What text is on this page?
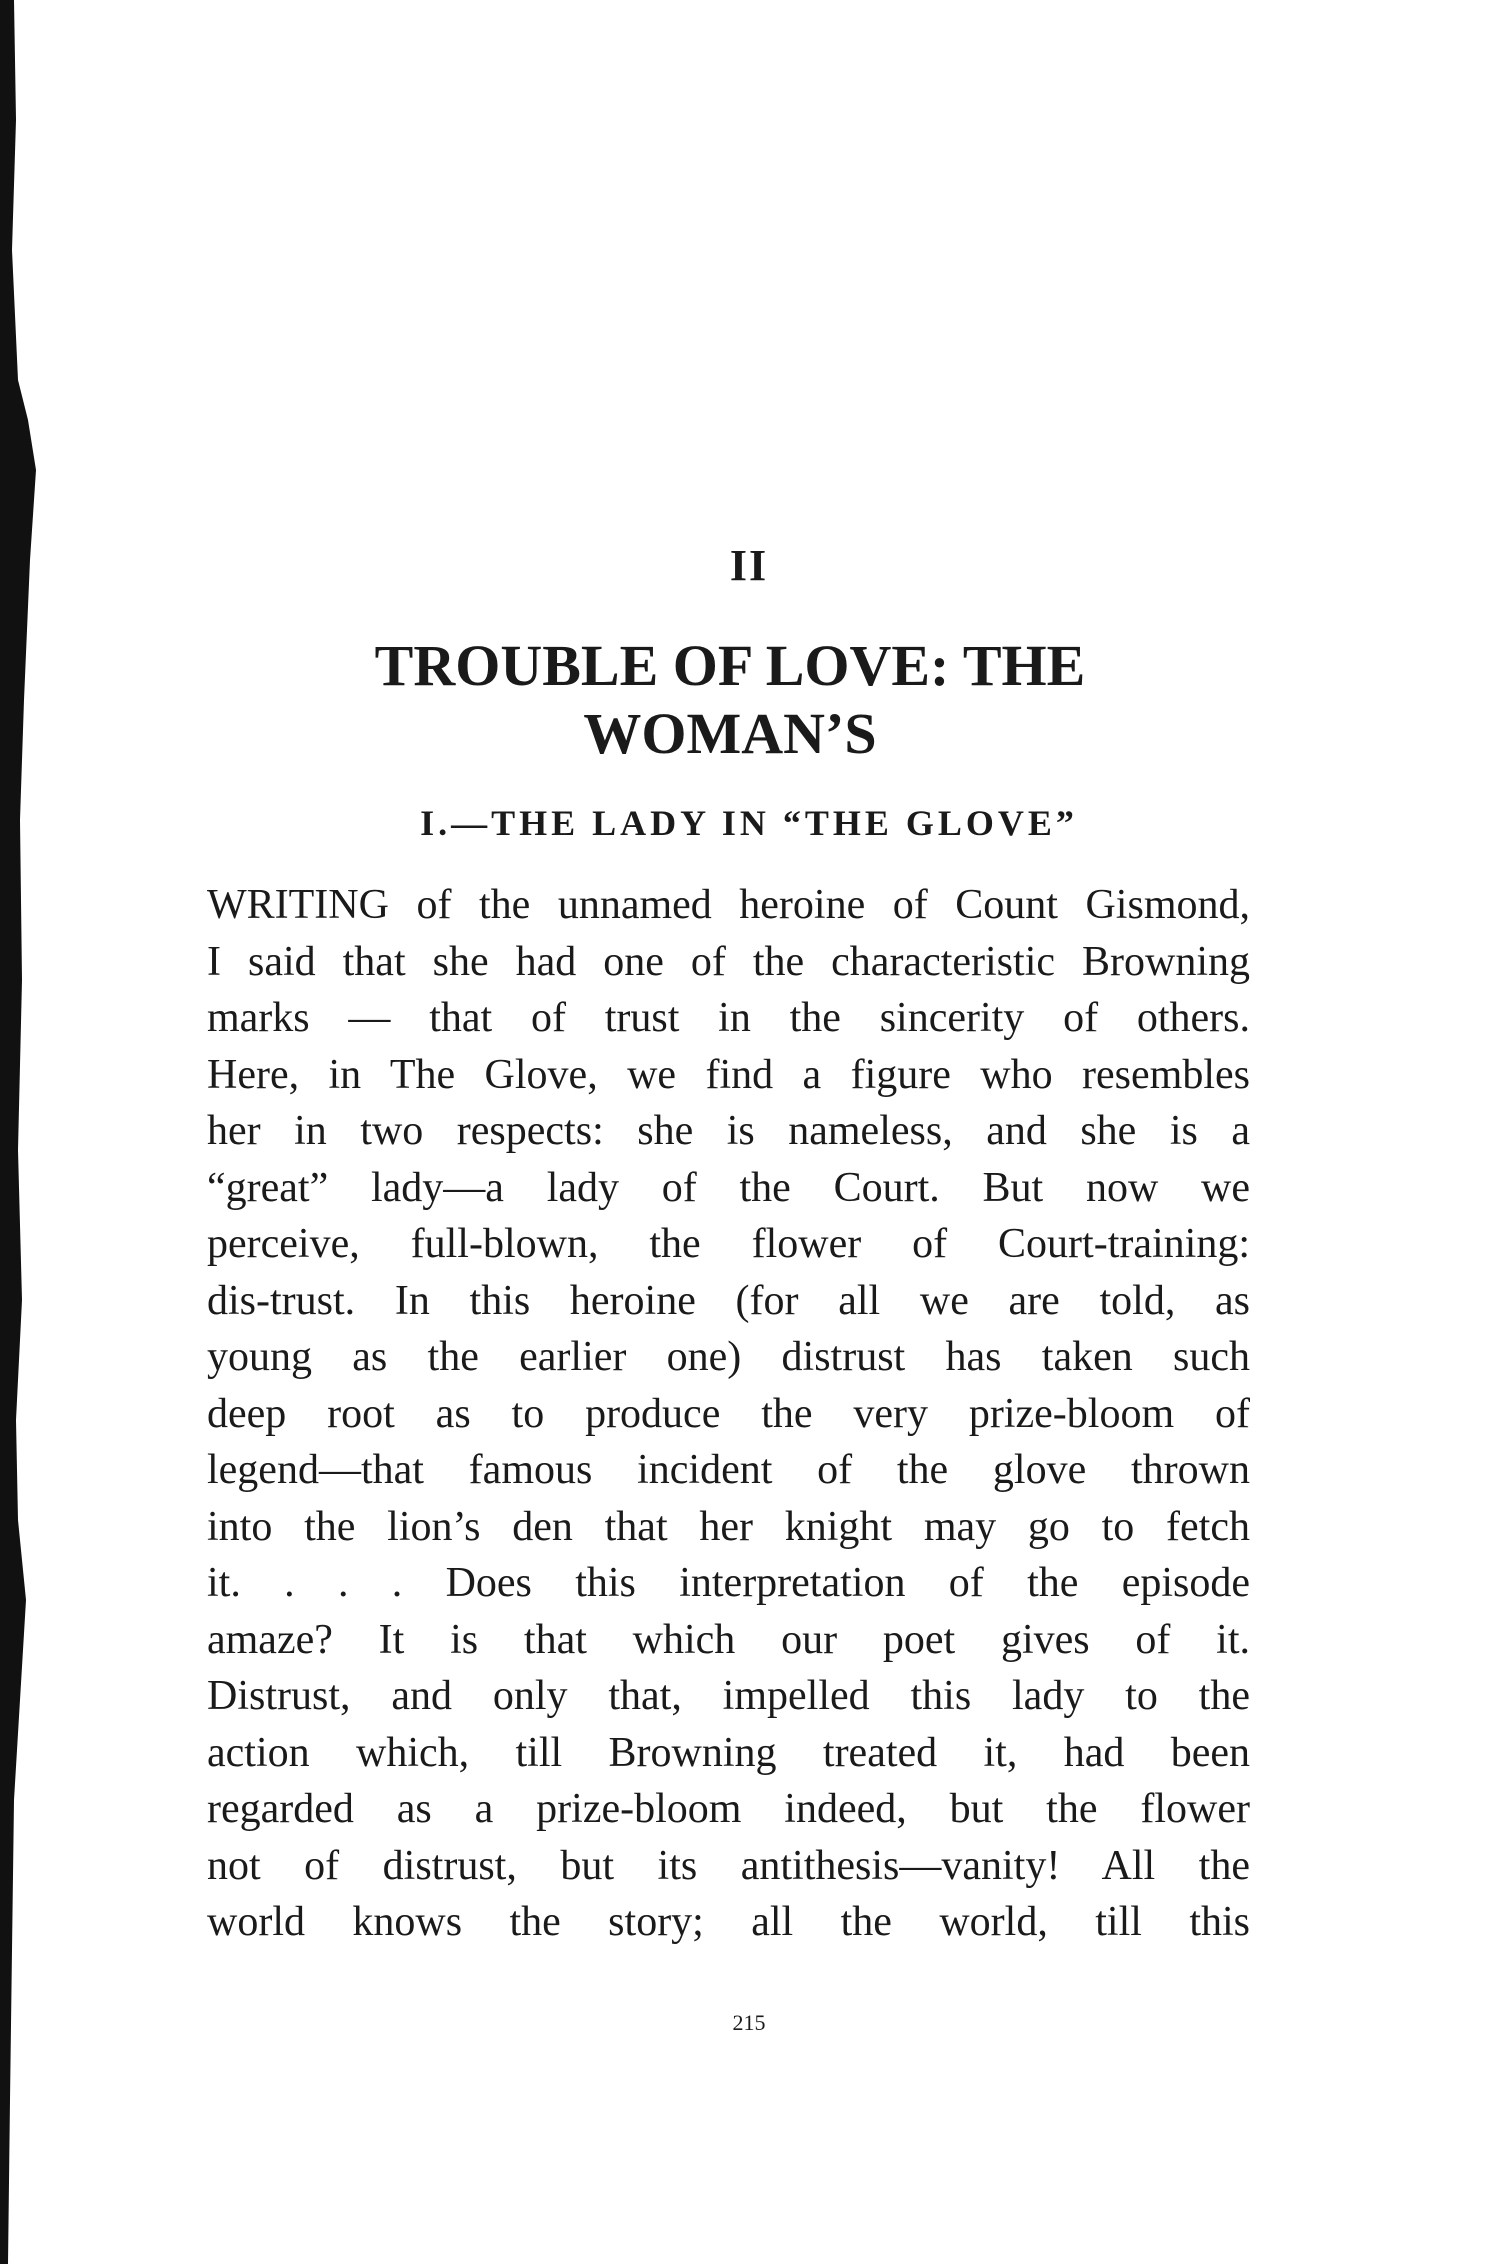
II
TROUBLE OF LOVE: THE
WOMAN’S
I.—THE LADY IN “THE GLOVE”
WRITING of the unnamed heroine of Count Gismond,
I said that she had one of the characteristic Browning
marks — that of trust in the sincerity of others.
Here, in The Glove, we find a figure who resembles
her in two respects: she is nameless, and she is a
“great” lady—a lady of the Court. But now we
perceive, full-blown, the flower of Court-training:
dis-trust. In this heroine (for all we are told, as
young as the earlier one) distrust has taken such
deep root as to produce the very prize-bloom of
legend—that famous incident of the glove thrown
into the lion’s den that her knight may go to fetch
it. . . . Does this interpretation of the episode
amaze? It is that which our poet gives of it.
Distrust, and only that, impelled this lady to the
action which, till Browning treated it, had been
regarded as a prize-bloom indeed, but the flower
not of distrust, but its antithesis—vanity! All the
world knows the story; all the world, till this

215
